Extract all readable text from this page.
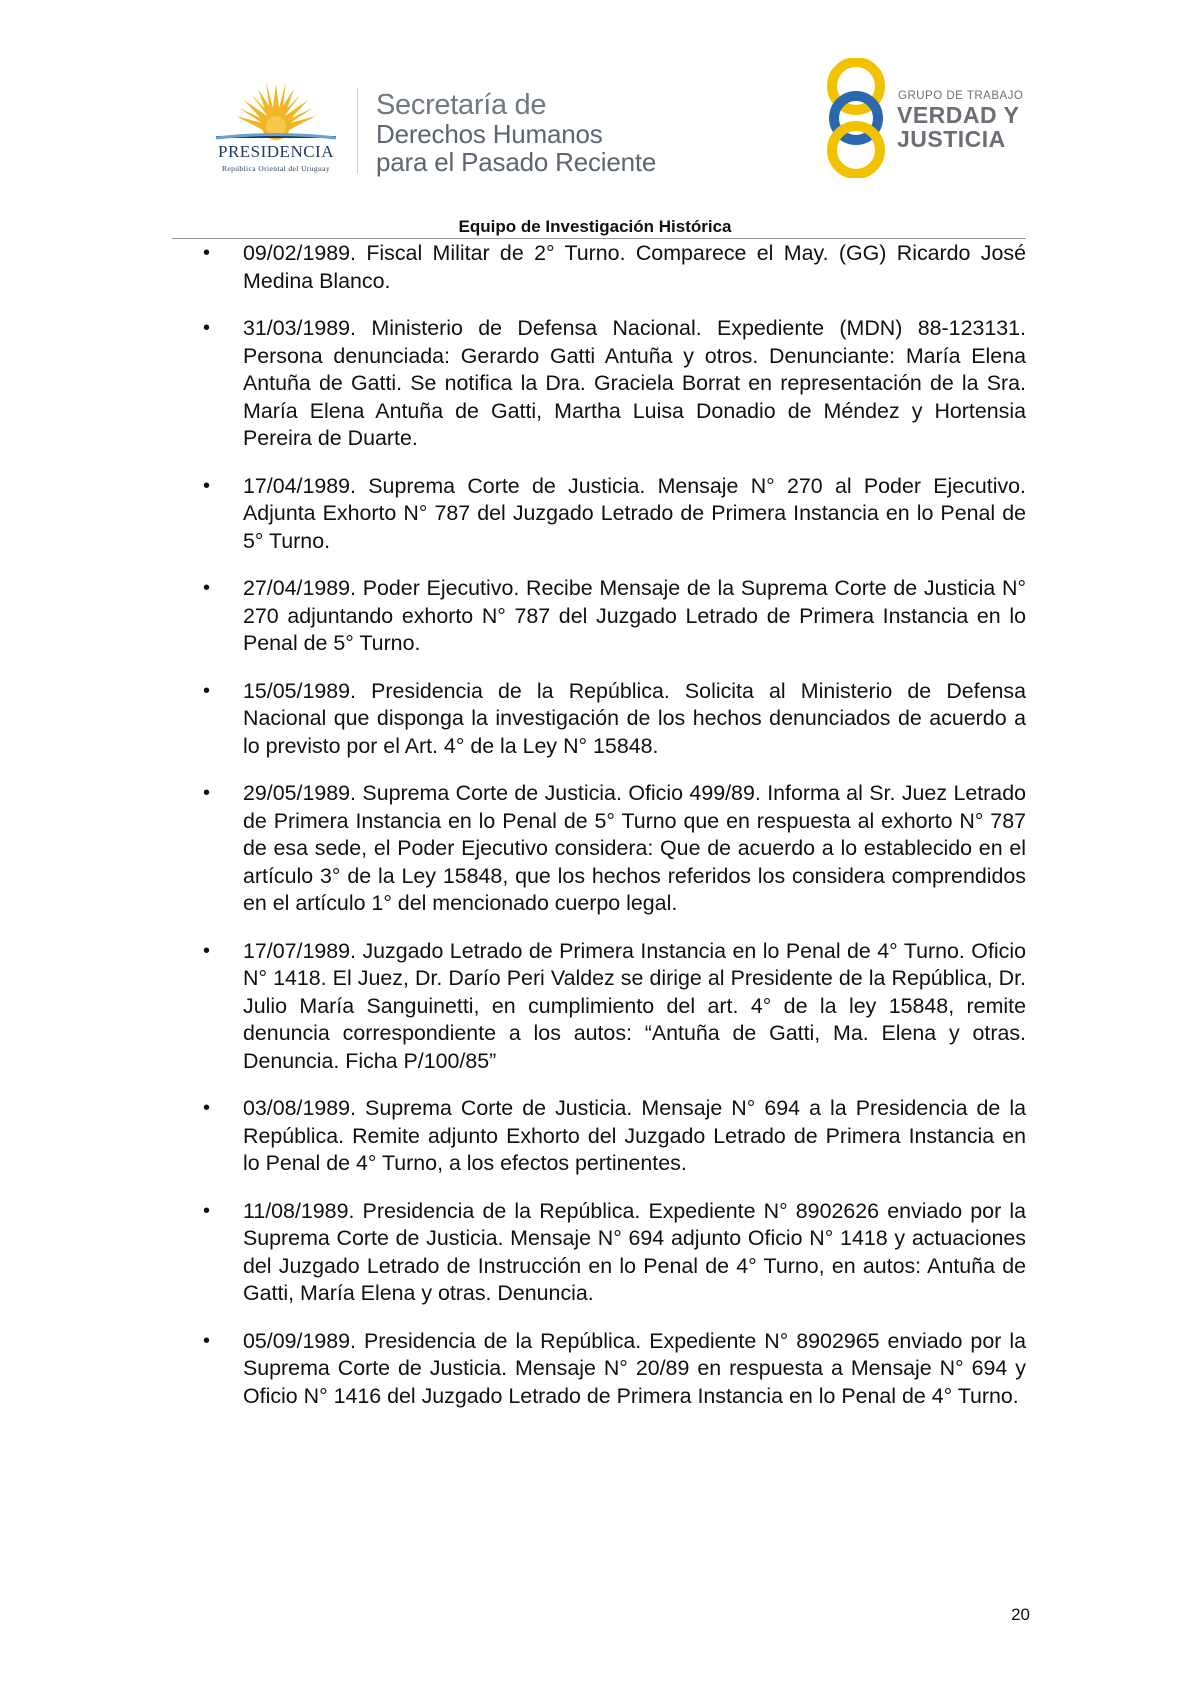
PRESIDENCIA
República Oriental del Uruguay
Secretaría de
Derechos Humanos
para el Pasado Reciente
GRUPO DE TRABAJO
VERDAD Y
JUSTICIA
Equipo de Investigación Histórica
• 09/02/1989. Fiscal Militar de 2° Turno. Comparece el May. (GG) Ricardo José Medina Blanco.
• 31/03/1989. Ministerio de Defensa Nacional. Expediente (MDN) 88-123131. Persona denunciada: Gerardo Gatti Antuña y otros. Denunciante: María Elena Antuña de Gatti. Se notifica la Dra. Graciela Borrat en representación de la Sra. María Elena Antuña de Gatti, Martha Luisa Donadio de Méndez y Hortensia Pereira de Duarte.
• 17/04/1989. Suprema Corte de Justicia. Mensaje N° 270 al Poder Ejecutivo. Adjunta Exhorto N° 787 del Juzgado Letrado de Primera Instancia en lo Penal de 5° Turno.
• 27/04/1989. Poder Ejecutivo. Recibe Mensaje de la Suprema Corte de Justicia N° 270 adjuntando exhorto N° 787 del Juzgado Letrado de Primera Instancia en lo Penal de 5° Turno.
• 15/05/1989. Presidencia de la República. Solicita al Ministerio de Defensa Nacional que disponga la investigación de los hechos denunciados de acuerdo a lo previsto por el Art. 4° de la Ley N° 15848.
• 29/05/1989. Suprema Corte de Justicia. Oficio 499/89. Informa al Sr. Juez Letrado de Primera Instancia en lo Penal de 5° Turno que en respuesta al exhorto N° 787 de esa sede, el Poder Ejecutivo considera: Que de acuerdo a lo establecido en el artículo 3° de la Ley 15848, que los hechos referidos los considera comprendidos en el artículo 1° del mencionado cuerpo legal.
• 17/07/1989. Juzgado Letrado de Primera Instancia en lo Penal de 4° Turno. Oficio N° 1418. El Juez, Dr. Darío Peri Valdez se dirige al Presidente de la República, Dr. Julio María Sanguinetti, en cumplimiento del art. 4° de la ley 15848, remite denuncia correspondiente a los autos: “Antuña de Gatti, Ma. Elena y otras. Denuncia. Ficha P/100/85”
• 03/08/1989. Suprema Corte de Justicia. Mensaje N° 694 a la Presidencia de la República. Remite adjunto Exhorto del Juzgado Letrado de Primera Instancia en lo Penal de 4° Turno, a los efectos pertinentes.
• 11/08/1989. Presidencia de la República. Expediente N° 8902626 enviado por la Suprema Corte de Justicia. Mensaje N° 694 adjunto Oficio N° 1418 y actuaciones del Juzgado Letrado de Instrucción en lo Penal de 4° Turno, en autos: Antuña de Gatti, María Elena y otras. Denuncia.
• 05/09/1989. Presidencia de la República. Expediente N° 8902965 enviado por la Suprema Corte de Justicia. Mensaje N° 20/89 en respuesta a Mensaje N° 694 y Oficio N° 1416 del Juzgado Letrado de Primera Instancia en lo Penal de 4° Turno.
20
